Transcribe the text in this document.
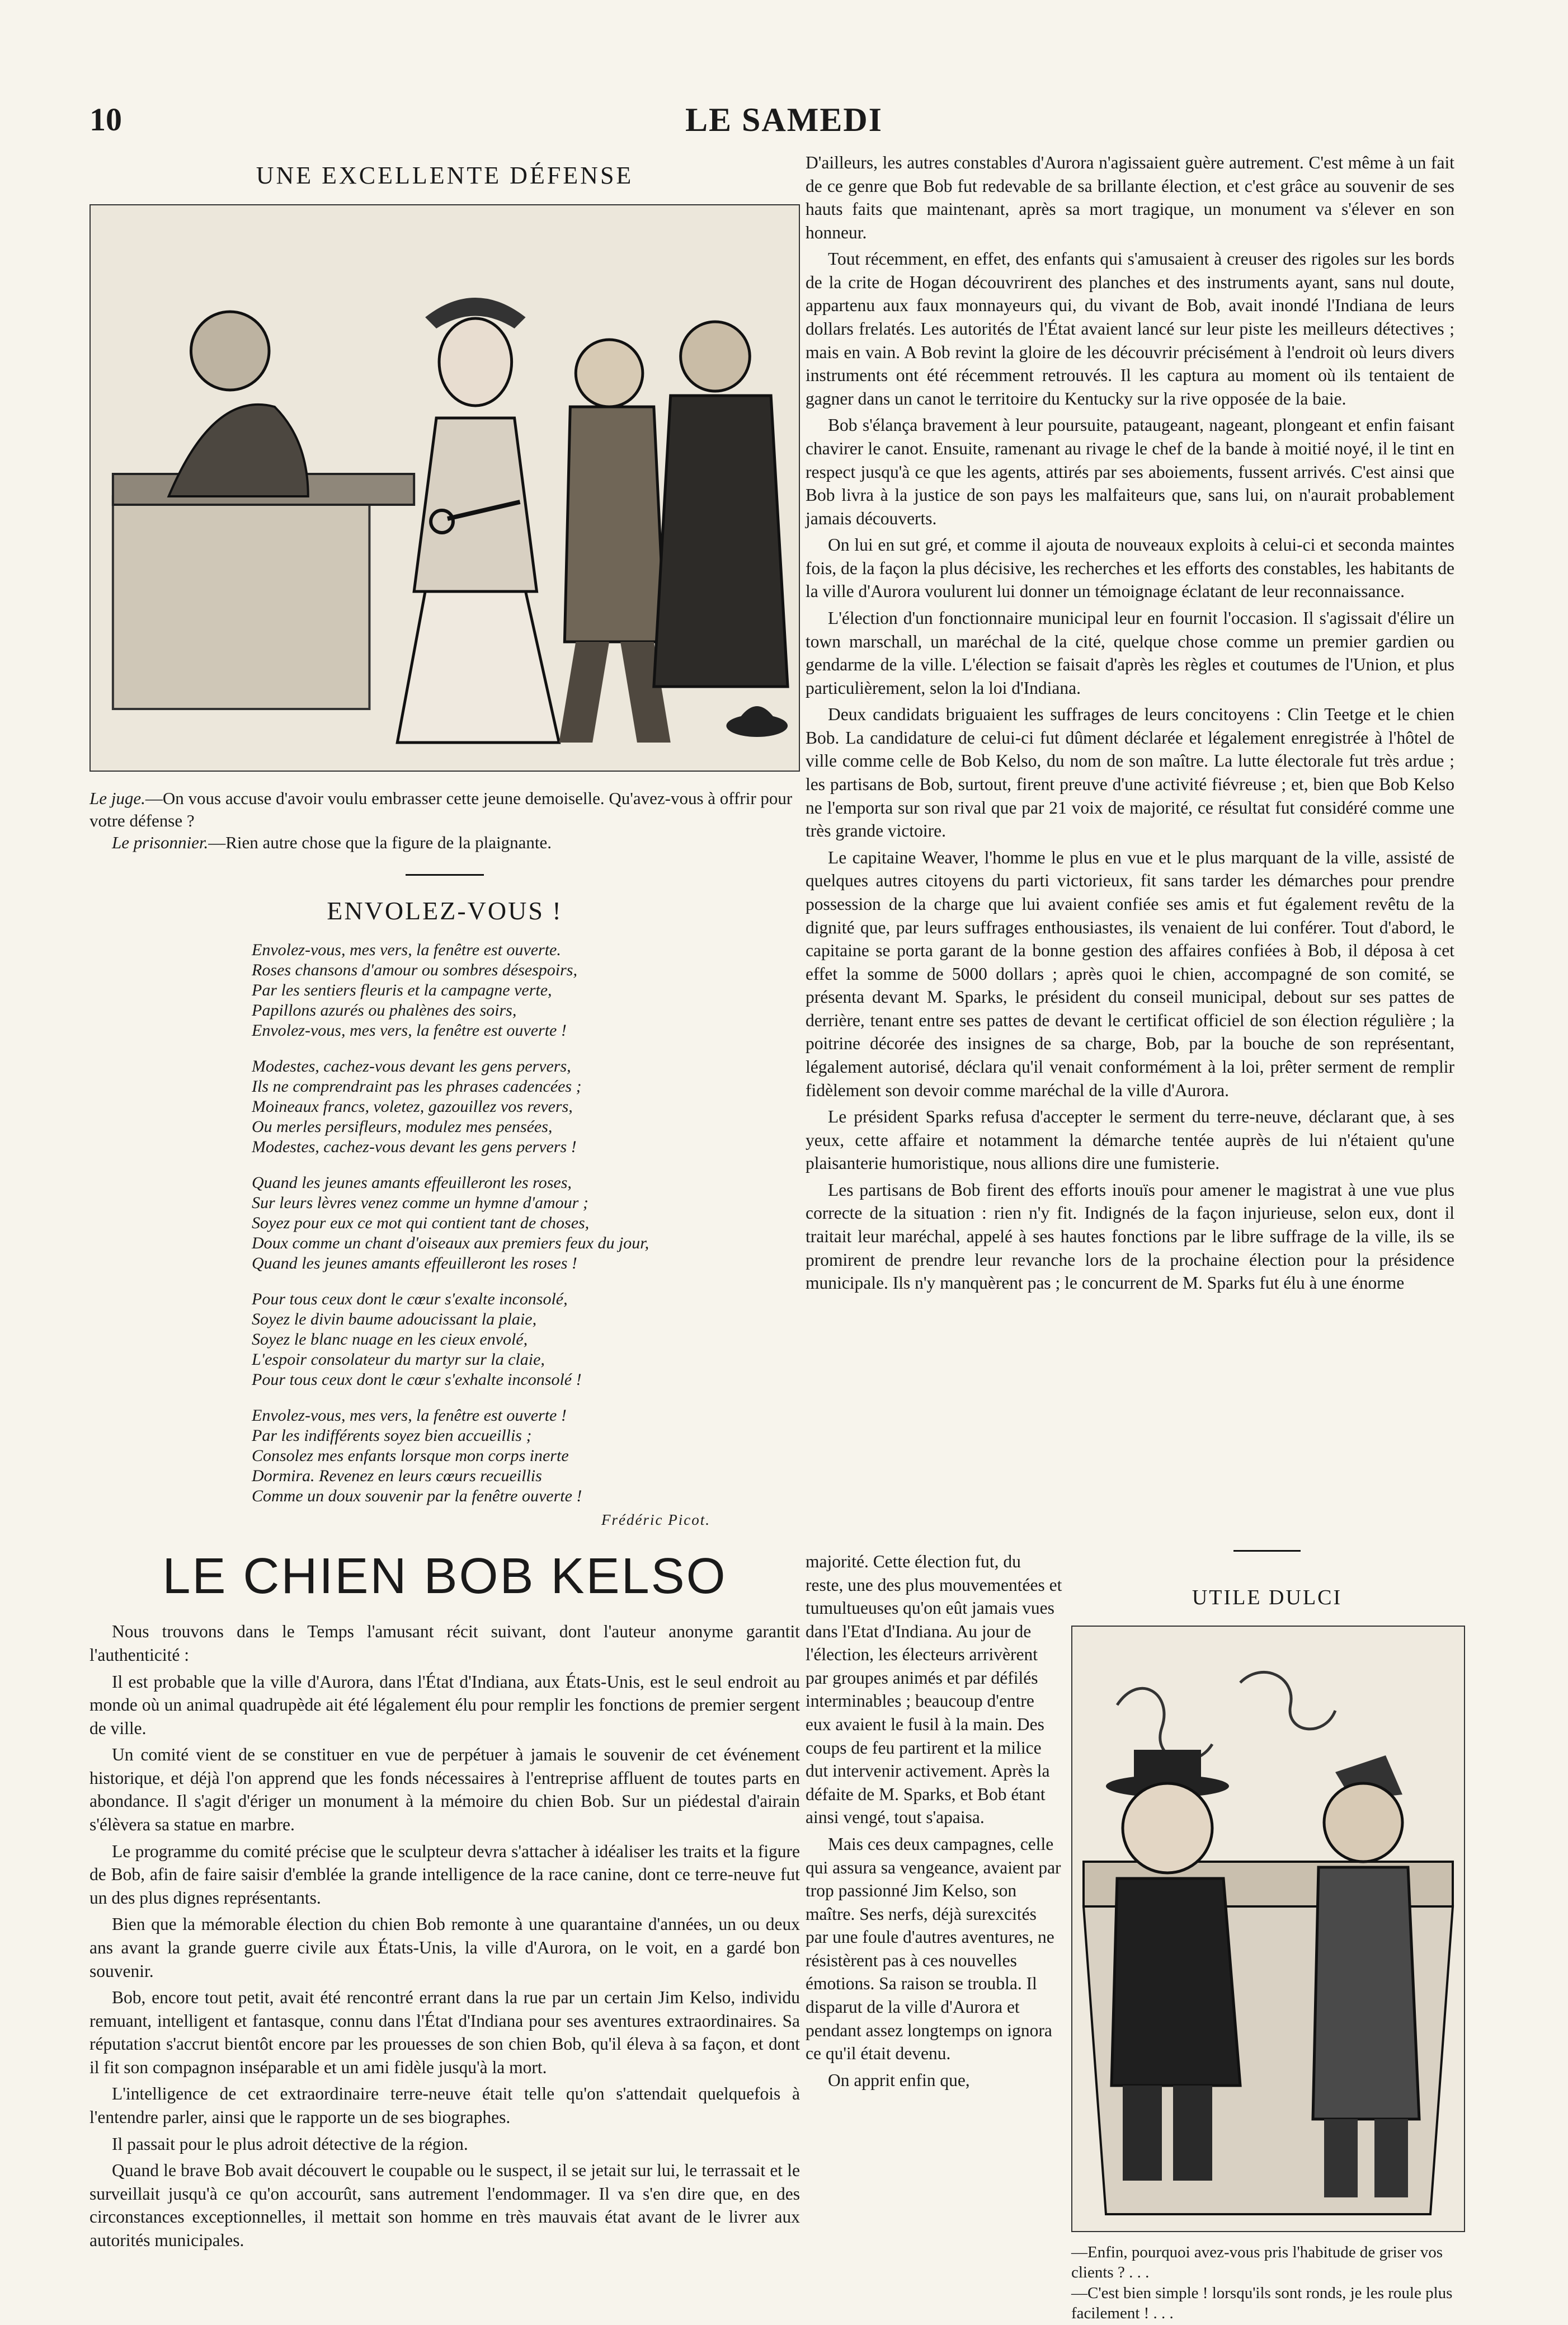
10	LE SAMEDI
UNE EXCELLENTE DÉFENSE
Le juge.—On vous accuse d'avoir voulu embrasser cette jeune demoiselle. Qu'avez-vous à offrir pour votre défense ?
Le prisonnier.—Rien autre chose que la figure de la plaignante.
ENVOLEZ-VOUS !
Envolez-vous, mes vers, la fenêtre est ouverte.
Roses chansons d'amour ou sombres désespoirs,
Par les sentiers fleuris et la campagne verte,
Papillons azurés ou phalènes des soirs,
Envolez-vous, mes vers, la fenêtre est ouverte !
Modestes, cachez-vous devant les gens pervers,
Ils ne comprendraint pas les phrases cadencées ;
Moineaux francs, voletez, gazouillez vos revers,
Ou merles persifleurs, modulez mes pensées,
Modestes, cachez-vous devant les gens pervers !
Quand les jeunes amants effeuilleront les roses,
Sur leurs lèvres venez comme un hymne d'amour ;
Soyez pour eux ce mot qui contient tant de choses,
Doux comme un chant d'oiseaux aux premiers feux du jour,
Quand les jeunes amants effeuilleront les roses !
Pour tous ceux dont le cœur s'exalte inconsolé,
Soyez le divin baume adoucissant la plaie,
Soyez le blanc nuage en les cieux envolé,
L'espoir consolateur du martyr sur la claie,
Pour tous ceux dont le cœur s'exhalte inconsolé !
Envolez-vous, mes vers, la fenêtre est ouverte !
Par les indifférents soyez bien accueillis ;
Consolez mes enfants lorsque mon corps inerte
Dormira. Revenez en leurs cœurs recueillis
Comme un doux souvenir par la fenêtre ouverte !
Frédéric Picot.
LE CHIEN BOB KELSO

Nous trouvons dans le Temps l'amusant récit suivant, dont l'auteur anonyme garantit l'authenticité :

Il est probable que la ville d'Aurora, dans l'État d'Indiana, aux États-Unis, est le seul endroit au monde où un animal quadrupède ait été légalement élu pour remplir les fonctions de premier sergent de ville.

Un comité vient de se constituer en vue de perpétuer à jamais le souvenir de cet événement historique, et déjà l'on apprend que les fonds nécessaires à l'entreprise affluent de toutes parts en abondance. Il s'agit d'ériger un monument à la mémoire du chien Bob. Sur un piédestal d'airain s'élèvera sa statue en marbre.

Le programme du comité précise que le sculpteur devra s'attacher à idéaliser les traits et la figure de Bob, afin de faire saisir d'emblée la grande intelligence de la race canine, dont ce terre-neuve fut un des plus dignes représentants.

Bien que la mémorable élection du chien Bob remonte à une quarantaine d'années, un ou deux ans avant la grande guerre civile aux États-Unis, la ville d'Aurora, on le voit, en a gardé bon souvenir.

Bob, encore tout petit, avait été rencontré errant dans la rue par un certain Jim Kelso, individu remuant, intelligent et fantasque, connu dans l'État d'Indiana pour ses aventures extraordinaires. Sa réputation s'accrut bientôt encore par les prouesses de son chien Bob, qu'il éleva à sa façon, et dont il fit son compagnon inséparable et un ami fidèle jusqu'à la mort.

L'intelligence de cet extraordinaire terre-neuve était telle qu'on s'attendait quelquefois à l'entendre parler, ainsi que le rapporte un de ses biographes.

Il passait pour le plus adroit détective de la région.

Quand le brave Bob avait découvert le coupable ou le suspect, il se jetait sur lui, le terrassait et le surveillait jusqu'à ce qu'on accourût, sans autrement l'endommager. Il va s'en dire que, en des circonstances exceptionnelles, il mettait son homme en très mauvais état avant de le livrer aux autorités municipales.

D'ailleurs, les autres constables d'Aurora n'agissaient guère autrement. C'est même à un fait de ce genre que Bob fut redevable de sa brillante élection, et c'est grâce au souvenir de ses hauts faits que maintenant, après sa mort tragique, un monument va s'élever en son honneur.

Tout récemment, en effet, des enfants qui s'amusaient à creuser des rigoles sur les bords de la crite de Hogan découvrirent des planches et des instruments ayant, sans nul doute, appartenu aux faux monnayeurs qui, du vivant de Bob, avait inondé l'Indiana de leurs dollars frelatés. Les autorités de l'État avaient lancé sur leur piste les meilleurs détectives ; mais en vain. A Bob revint la gloire de les découvrir précisément à l'endroit où leurs divers instruments ont été récemment retrouvés. Il les captura au moment où ils tentaient de gagner dans un canot le territoire du Kentucky sur la rive opposée de la baie.

Bob s'élança bravement à leur poursuite, pataugeant, nageant, plongeant et enfin faisant chavirer le canot. Ensuite, ramenant au rivage le chef de la bande à moitié noyé, il le tint en respect jusqu'à ce que les agents, attirés par ses aboiements, fussent arrivés. C'est ainsi que Bob livra à la justice de son pays les malfaiteurs que, sans lui, on n'aurait probablement jamais découverts.

On lui en sut gré, et comme il ajouta de nouveaux exploits à celui-ci et seconda maintes fois, de la façon la plus décisive, les recherches et les efforts des constables, les habitants de la ville d'Aurora voulurent lui donner un témoignage éclatant de leur reconnaissance.

L'élection d'un fonctionnaire municipal leur en fournit l'occasion. Il s'agissait d'élire un town marschall, un maréchal de la cité, quelque chose comme un premier gardien ou gendarme de la ville. L'élection se faisait d'après les règles et coutumes de l'Union, et plus particulièrement, selon la loi d'Indiana.

Deux candidats briguaient les suffrages de leurs concitoyens : Clin Teetge et le chien Bob. La candidature de celui-ci fut dûment déclarée et légalement enregistrée à l'hôtel de ville comme celle de Bob Kelso, du nom de son maître. La lutte électorale fut très ardue ; les partisans de Bob, surtout, firent preuve d'une activité fiévreuse ; et, bien que Bob Kelso ne l'emporta sur son rival que par 21 voix de majorité, ce résultat fut considéré comme une très grande victoire.

Le capitaine Weaver, l'homme le plus en vue et le plus marquant de la ville, assisté de quelques autres citoyens du parti victorieux, fit sans tarder les démarches pour prendre possession de la charge que lui avaient confiée ses amis et fut également revêtu de la dignité que, par leurs suffrages enthousiastes, ils venaient de lui conférer. Tout d'abord, le capitaine se porta garant de la bonne gestion des affaires confiées à Bob, il déposa à cet effet la somme de 5000 dollars ; après quoi le chien, accompagné de son comité, se présenta devant M. Sparks, le président du conseil municipal, debout sur ses pattes de derrière, tenant entre ses pattes de devant le certificat officiel de son élection régulière ; la poitrine décorée des insignes de sa charge, Bob, par la bouche de son représentant, légalement autorisé, déclara qu'il venait conformément à la loi, prêter serment de remplir fidèlement son devoir comme maréchal de la ville d'Aurora.

Le président Sparks refusa d'accepter le serment du terre-neuve, déclarant que, à ses yeux, cette affaire et notamment la démarche tentée auprès de lui n'étaient qu'une plaisanterie humoristique, nous allions dire une fumisterie.

Les partisans de Bob firent des efforts inouïs pour amener le magistrat à une vue plus correcte de la situation : rien n'y fit. Indignés de la façon injurieuse, selon eux, dont il traitait leur maréchal, appelé à ses hautes fonctions par le libre suffrage de la ville, ils se promirent de prendre leur revanche lors de la prochaine élection pour la présidence municipale. Ils n'y manquèrent pas ; le concurrent de M. Sparks fut élu à une énorme

majorité. Cette élection fut, du reste, une des plus mouvementées et tumultueuses qu'on eût jamais vues dans l'Etat d'Indiana. Au jour de l'élection, les électeurs arrivèrent par groupes animés et par défilés interminables ; beaucoup d'entre eux avaient le fusil à la main. Des coups de feu partirent et la milice dut intervenir activement. Après la défaite de M. Sparks, et Bob étant ainsi vengé, tout s'apaisa.

Mais ces deux campagnes, celle qui assura sa vengeance, avaient par trop passionné Jim Kelso, son maître. Ses nerfs, déjà surexcités par une foule d'autres aventures, ne résistèrent pas à ces nouvelles émotions. Sa raison se troubla. Il disparut de la ville d'Aurora et pendant assez longtemps on ignora ce qu'il était devenu.

On apprit enfin que,

UTILE DULCI
—Enfin, pourquoi avez-vous pris l'habitude de griser vos clients ? . . .
—C'est bien simple ! lorsqu'ils sont ronds, je les roule plus facilement ! . . .
